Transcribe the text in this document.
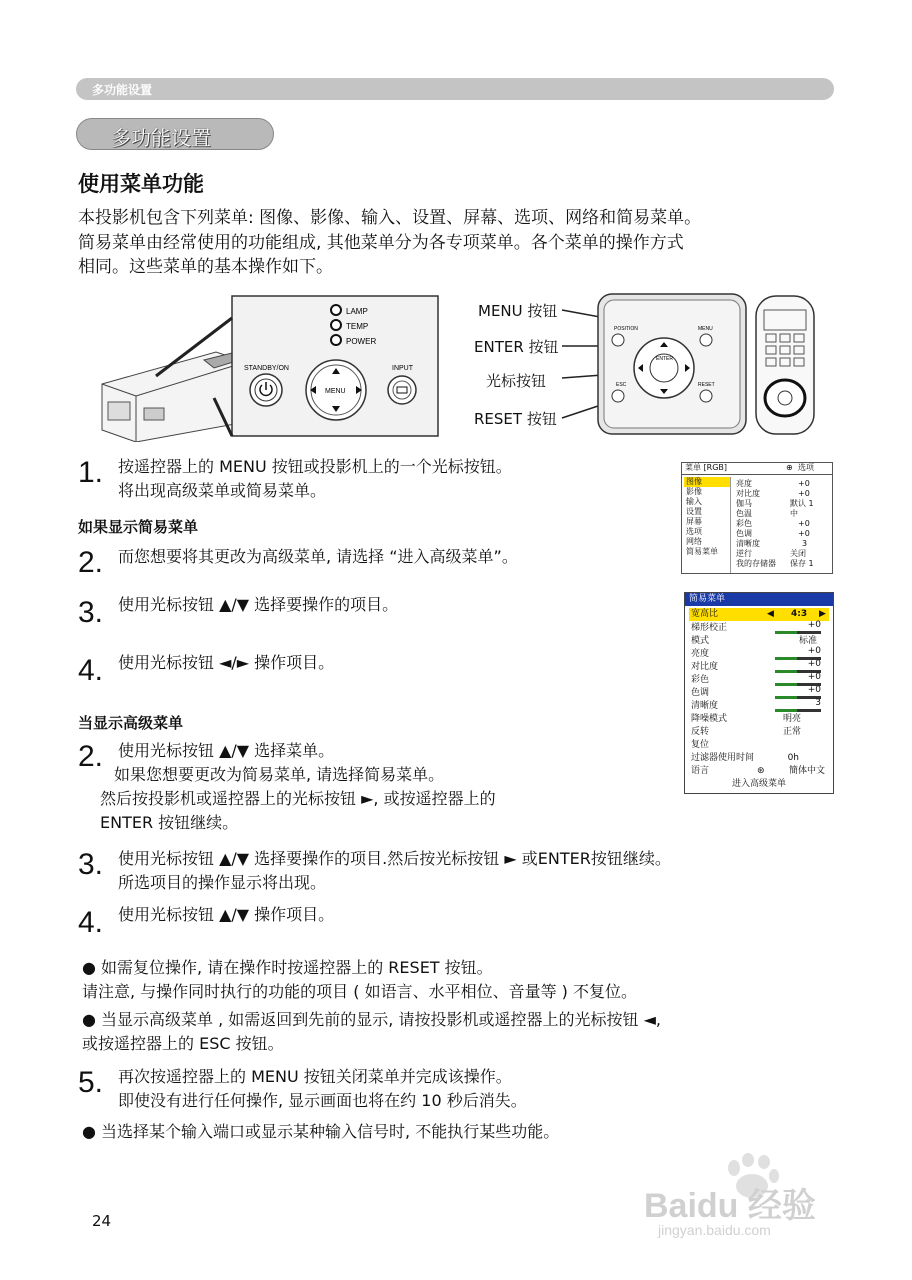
多功能设置
多功能设置
使用菜单功能
本投影机包含下列菜单: 图像、影像、输入、设置、屏幕、选项、网络和简易菜单。
简易菜单由经常使用的功能组成, 其他菜单分为各专项菜单。各个菜单的操作方式
相同。这些菜单的基本操作如下。
LAMP
TEMP
POWER
STANDBY/ON
MENU
INPUT
MENU 按钮
ENTER 按钮
光标按钮
RESET 按钮
POSITION	MENU
ESC	RESET
ENTER
1. 按遥控器上的 MENU 按钮或投影机上的一个光标按钮。
将出现高级菜单或简易菜单。
如果显示简易菜单
2. 而您想要将其更改为高级菜单, 请选择 “进入高级菜单”。
3. 使用光标按钮 ▲/▼ 选择要操作的项目。
4. 使用光标按钮 ◄/► 操作项目。
当显示高级菜单
2. 使用光标按钮 ▲/▼ 选择菜单。
如果您想要更改为简易菜单, 请选择简易菜单。
然后按投影机或遥控器上的光标按钮 ►, 或按遥控器上的
ENTER 按钮继续。
3. 使用光标按钮 ▲/▼ 选择要操作的项目.然后按光标按钮 ► 或ENTER按钮继续。
所选项目的操作显示将出现。
4. 使用光标按钮 ▲/▼ 操作项目。
● 如需复位操作, 请在操作时按遥控器上的 RESET 按钮。
请注意, 与操作同时执行的功能的项目 ( 如语言、水平相位、音量等 ) 不复位。
● 当显示高级菜单 , 如需返回到先前的显示, 请按投影机或遥控器上的光标按钮 ◄,
或按遥控器上的 ESC 按钮。
5. 再次按遥控器上的 MENU 按钮关闭菜单并完成该操作。
即使没有进行任何操作, 显示画面也将在约 10 秒后消失。
● 当选择某个输入端口或显示某种输入信号时, 不能执行某些功能。
菜单 [RGB]	⊕ 选项
图像
影像
输入
设置
屏幕
选项
网络
简易菜单
亮度	+0
对比度	+0
伽马	默认 1
色温	中
彩色	+0
色调	+0
清晰度	3
逆行	关闭
我的存储器 保存 1
简易菜单
宽高比	◀ 4:3 ▶
梯形校正	+0
模式	标准
亮度	+0
对比度	+0
彩色	+0
色调	+0
清晰度	3
降噪模式	明亮
反转	正常
复位
过滤器使用时间	0h
语言	⊛	簡体中文
进入高级菜单
24	Baidu 经验
jingyan.baidu.com
